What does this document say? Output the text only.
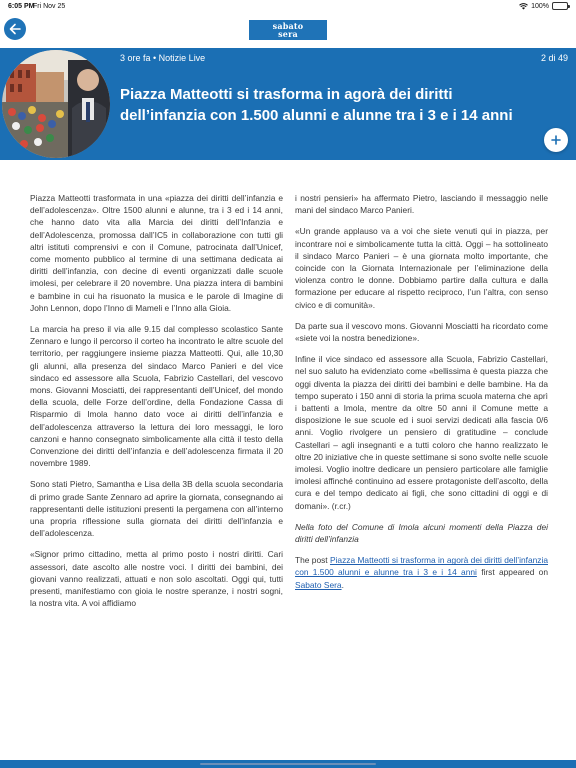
6:05 PM
Fri Nov 25	100%
sabato
sera
3 ore fa • Notizie Live	2 di 49
Piazza Matteotti si trasforma in agorà dei diritti dell’infanzia con 1.500 alunni e alunne tra i 3 e i 14 anni

Piazza Matteotti trasformata in una «piazza dei diritti dell’infanzia e dell’adolescenza». Oltre 1500 alunni e alunne, tra i 3 ed i 14 anni, che hanno dato vita alla Marcia dei diritti dell’Infanzia e dell’Adolescenza, promossa dall’IC5 in collaborazione con tutti gli altri istituti comprensivi e con il Comune, patrocinata dall’Unicef, come momento pubblico al termine di una settimana dedicata ai diritti dell’infanzia, con decine di eventi organizzati dalle scuole imolesi, per celebrare il 20 novembre. Una piazza intera di bambini e bambine in cui ha risuonato la musica e le parole di Imagine di John Lennon, dopo l’Inno di Mameli e l’Inno alla Gioia.

La marcia ha preso il via alle 9.15 dal complesso scolastico Sante Zennaro e lungo il percorso il corteo ha incontrato le altre scuole del territorio, per raggiungere insieme piazza Matteotti. Qui, alle 10,30 gli alunni, alla presenza del sindaco Marco Panieri e del vice sindaco ed assessore alla Scuola, Fabrizio Castellari, del vescovo mons. Giovanni Mosciatti, dei rappresentanti dell’Unicef, del mondo della scuola, delle Forze dell’ordine, della Fondazione Cassa di Risparmio di Imola hanno dato voce ai diritti dell’infanzia e dell’adolescenza attraverso la lettura dei loro messaggi, le loro canzoni e hanno consegnato simbolicamente alla città il testo della Convenzione dei diritti dell’infanzia e dell’adolescenza firmata il 20 novembre 1989.

Sono stati Pietro, Samantha e Lisa della 3B della scuola secondaria di primo grade Sante Zennaro ad aprire la giornata, consegnando ai rappresentanti delle istituzioni presenti la pergamena con all’interno una propria riflessione sulla giornata dei diritti dell’infanzia e dell’adolescenza.

«Signor primo cittadino, metta al primo posto i nostri diritti. Cari assessori, date ascolto alle nostre voci. I diritti dei bambini, dei giovani vanno realizzati, attuati e non solo ascoltati. Oggi qui, tutti presenti, manifestiamo con gioia le nostre speranze, i nostri sogni, la nostra vita. A voi affidiamo

i nostri pensieri» ha affermato Pietro, lasciando il messaggio nelle mani del sindaco Marco Panieri.

«Un grande applauso va a voi che siete venuti qui in piazza, per incontrare noi e simbolicamente tutta la città. Oggi – ha sottolineato il sindaco Marco Panieri – è una giornata molto importante, che coincide con la Giornata Internazionale per l’eliminazione della violenza contro le donne. Dobbiamo partire dalla cultura e dalla formazione per educare al rispetto reciproco, l’un l’altra, con senso civico e di comunità».

Da parte sua il vescovo mons. Giovanni Mosciatti ha ricordato come «siete voi la nostra benedizione».

Infine il vice sindaco ed assessore alla Scuola, Fabrizio Castellari, nel suo saluto ha evidenziato come «bellissima è questa piazza che oggi diventa la piazza dei diritti dei bambini e delle bambine. Ha da tempo superato i 150 anni di storia la prima scuola materna che aprì i battenti a Imola, mentre da oltre 50 anni il Comune mette a disposizione le sue scuole ed i suoi servizi dedicati alla fascia 0/6 anni. Voglio rivolgere un pensiero di gratitudine – conclude Castellari – agli insegnanti e a tutti coloro che hanno realizzato le oltre 20 iniziative che in queste settimane si sono svolte nelle scuole imolesi. Voglio inoltre dedicare un pensiero particolare alle famiglie imolesi affinché continuino ad essere protagoniste dell’ascolto, della cura e del tempo dedicato ai figli, che sono cittadini di oggi e di domani». (r.cr.)

Nella foto del Comune di Imola alcuni momenti della Piazza dei diritti dell’infanzia

The post Piazza Matteotti si trasforma in agorà dei diritti dell’infanzia con 1.500 alunni e alunne tra i 3 e i 14 anni first appeared on Sabato Sera.
